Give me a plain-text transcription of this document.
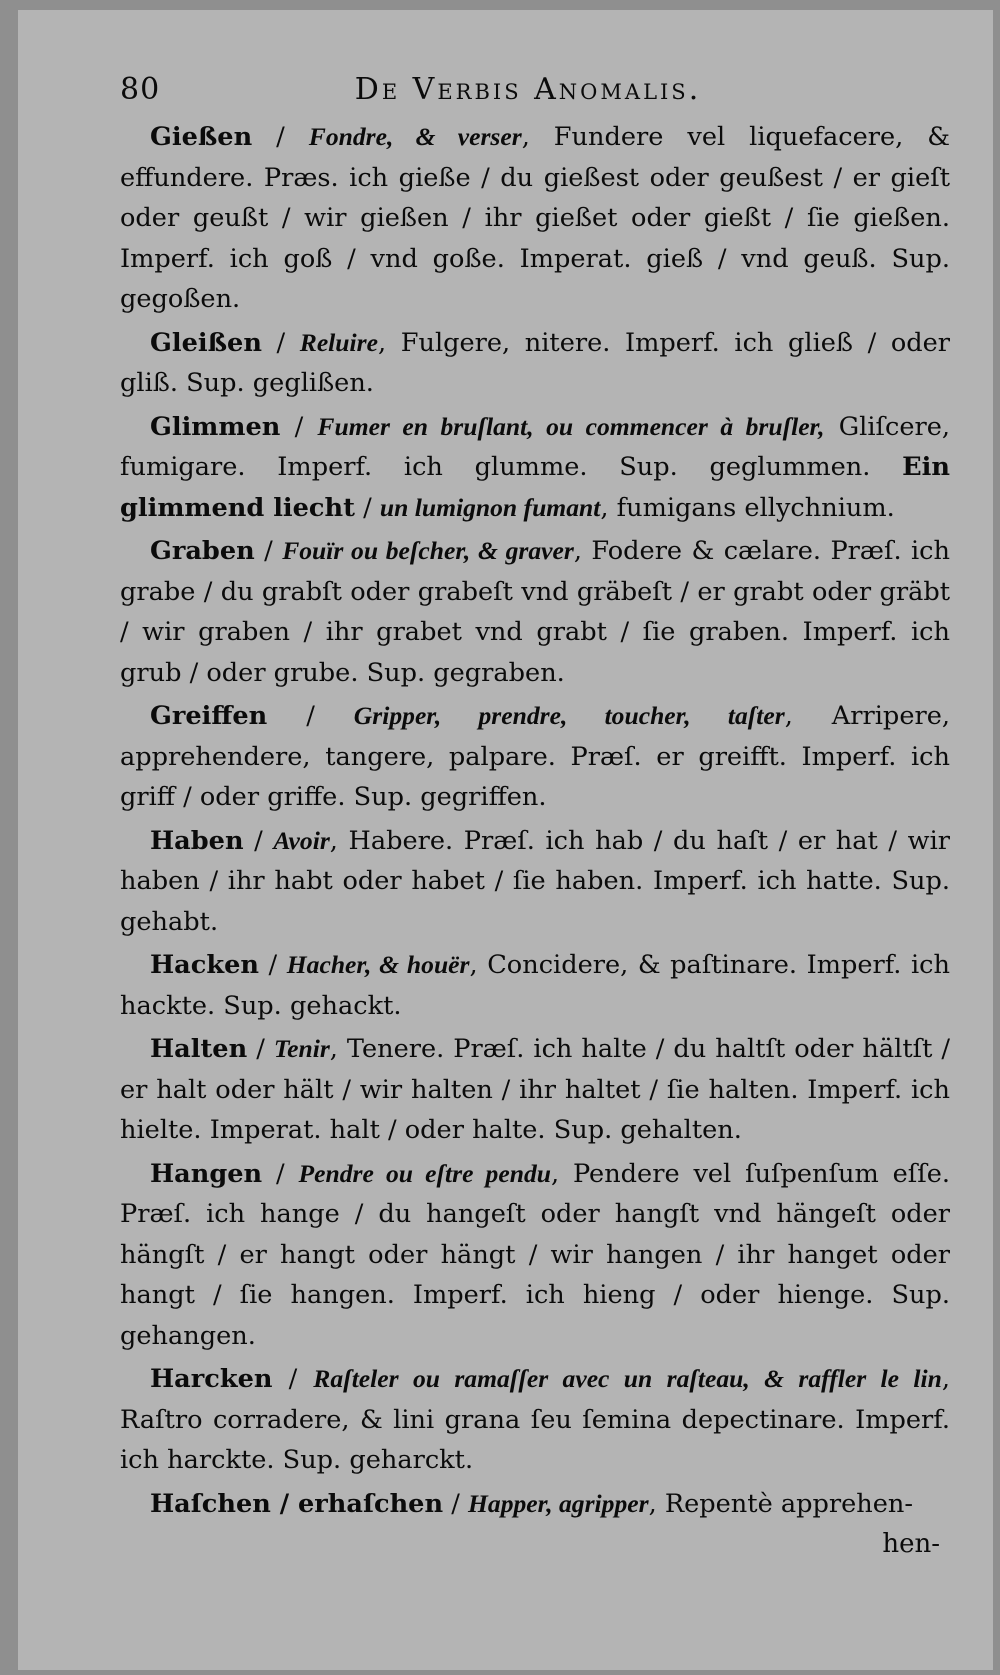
80	De Verbis Anomalis.

Gießen / Fondre, & verser, Fundere vel liquefacere, & effundere. Præs. ich gieße / du gießest oder geußest / er gieſt oder geußt / wir gießen / ihr gießet oder gießt / ſie gießen. Imperf. ich goß / vnd goße. Imperat. gieß / vnd geuß. Sup. gegoßen.

Gleißen / Reluire, Fulgere, nitere. Imperf. ich gließ / oder gliß. Sup. geglißen.

Glimmen / Fumer en bruſlant, ou commencer à bruſler, Gliſcere, fumigare. Imperf. ich glumme. Sup. geglummen. Ein glimmend liecht / un lumignon fumant, fumigans ellychnium.

Graben / Fouïr ou beſcher, & graver, Fodere & cælare. Præſ. ich grabe / du grabſt oder grabeſt vnd gräbeſt / er grabt oder gräbt / wir graben / ihr grabet vnd grabt / ſie graben. Imperf. ich grub / oder grube. Sup. gegraben.

Greiffen / Gripper, prendre, toucher, taſter, Arripere, apprehendere, tangere, palpare. Præſ. er greifft. Imperf. ich griff / oder griffe. Sup. gegriffen.

Haben / Avoir, Habere. Præſ. ich hab / du haſt / er hat / wir haben / ihr habt oder habet / ſie haben. Imperf. ich hatte. Sup. gehabt.

Hacken / Hacher, & houër, Concidere, & paſtinare. Imperf. ich hackte. Sup. gehackt.

Halten / Tenir, Tenere. Præſ. ich halte / du haltſt oder hältſt / er halt oder hält / wir halten / ihr haltet / ſie halten. Imperf. ich hielte. Imperat. halt / oder halte. Sup. gehalten.

Hangen / Pendre ou eſtre pendu, Pendere vel ſuſpenſum eſſe. Præſ. ich hange / du hangeſt oder hangſt vnd hängeſt oder hängſt / er hangt oder hängt / wir hangen / ihr hanget oder hangt / ſie hangen. Imperf. ich hieng / oder hienge. Sup. gehangen.

Harcken / Raſteler ou ramaſſer avec un raſteau, & raffler le lin, Raſtro corradere, & lini grana ſeu ſemina depectinare. Imperf. ich harckte. Sup. geharckt.

Haſchen / erhaſchen / Happer, agripper, Repentè apprehen-

hen-
